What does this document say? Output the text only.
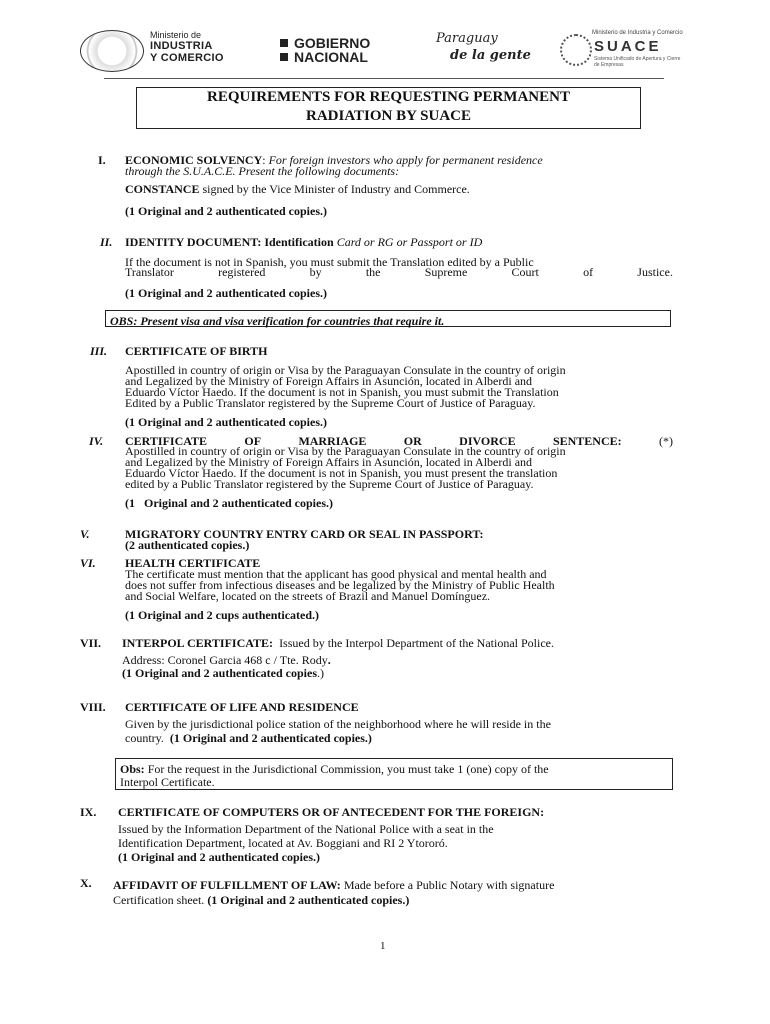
Ministerio de
INDUSTRIA
Y COMERCIO
GOBIERNO
NACIONAL
Paraguay
de la gente
Ministerio de Industria y Comercio
SUACE
Sistema Unificado de Apertura y Cierre de Empresas
REQUIREMENTS FOR REQUESTING PERMANENT
RADIATION BY SUACE
I. ECONOMIC SOLVENCY: For foreign investors who apply for permanent residence
through the S.U.A.C.E. Present the following documents:
CONSTANCE signed by the Vice Minister of Industry and Commerce.
(1 Original and 2 authenticated copies.)
II. IDENTITY DOCUMENT: Identification Card or RG or Passport or ID
If the document is not in Spanish, you must submit the Translation edited by a Public
Translator	registered	by	the	Supreme	Court	of	Justice.
(1 Original and 2 authenticated copies.)
OBS: Present visa and visa verification for countries that require it.
III. CERTIFICATE OF BIRTH
Apostilled in country of origin or Visa by the Paraguayan Consulate in the country of origin
and Legalized by the Ministry of Foreign Affairs in Asunción, located in Alberdi and
Eduardo Víctor Haedo. If the document is not in Spanish, you must submit the Translation
Edited by a Public Translator registered by the Supreme Court of Justice of Paraguay.
(1 Original and 2 authenticated copies.)
IV. CERTIFICATE	OF	MARRIAGE	OR	DIVORCE	SENTENCE:	(*)
Apostilled in country of origin or Visa by the Paraguayan Consulate in the country of origin
and Legalized by the Ministry of Foreign Affairs in Asunción, located in Alberdi and
Eduardo Víctor Haedo. If the document is not in Spanish, you must present the translation
edited by a Public Translator registered by the Supreme Court of Justice of Paraguay.
(1   Original and 2 authenticated copies.)
V.	MIGRATORY COUNTRY ENTRY CARD OR SEAL IN PASSPORT:
(2 authenticated copies.)
VI. HEALTH CERTIFICATE
The certificate must mention that the applicant has good physical and mental health and
does not suffer from infectious diseases and be legalized by the Ministry of Public Health
and Social Welfare, located on the streets of Brazil and Manuel Domínguez.
(1 Original and 2 cups authenticated.)
VII. INTERPOL CERTIFICATE:  Issued by the Interpol Department of the National Police.
Address: Coronel Garcia 468 c / Tte. Rody.
(1 Original and 2 authenticated copies.)
VIII. CERTIFICATE OF LIFE AND RESIDENCE
Given by the jurisdictional police station of the neighborhood where he will reside in the
country.  (1 Original and 2 authenticated copies.)
Obs: For the request in the Jurisdictional Commission, you must take 1 (one) copy of the
Interpol Certificate.
IX. CERTIFICATE OF COMPUTERS OR OF ANTECEDENT FOR THE FOREIGN:
Issued by the Information Department of the National Police with a seat in the
Identification Department, located at Av. Boggiani and RI 2 Ytororó.
(1 Original and 2 authenticated copies.)
X. AFFIDAVIT OF FULFILLMENT OF LAW: Made before a Public Notary with signature
Certification sheet. (1 Original and 2 authenticated copies.)
1
